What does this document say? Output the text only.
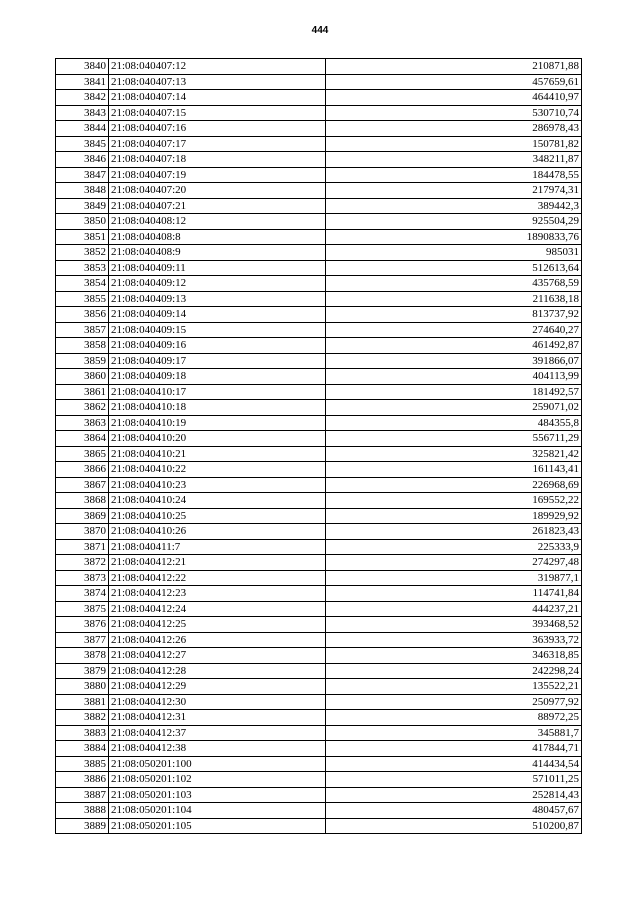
444
3840	21:08:040407:12	210871,88
3841	21:08:040407:13	457659,61
3842	21:08:040407:14	464410,97
3843	21:08:040407:15	530710,74
3844	21:08:040407:16	286978,43
3845	21:08:040407:17	150781,82
3846	21:08:040407:18	348211,87
3847	21:08:040407:19	184478,55
3848	21:08:040407:20	217974,31
3849	21:08:040407:21	389442,3
3850	21:08:040408:12	925504,29
3851	21:08:040408:8	1890833,76
3852	21:08:040408:9	985031
3853	21:08:040409:11	512613,64
3854	21:08:040409:12	435768,59
3855	21:08:040409:13	211638,18
3856	21:08:040409:14	813737,92
3857	21:08:040409:15	274640,27
3858	21:08:040409:16	461492,87
3859	21:08:040409:17	391866,07
3860	21:08:040409:18	404113,99
3861	21:08:040410:17	181492,57
3862	21:08:040410:18	259071,02
3863	21:08:040410:19	484355,8
3864	21:08:040410:20	556711,29
3865	21:08:040410:21	325821,42
3866	21:08:040410:22	161143,41
3867	21:08:040410:23	226968,69
3868	21:08:040410:24	169552,22
3869	21:08:040410:25	189929,92
3870	21:08:040410:26	261823,43
3871	21:08:040411:7	225333,9
3872	21:08:040412:21	274297,48
3873	21:08:040412:22	319877,1
3874	21:08:040412:23	114741,84
3875	21:08:040412:24	444237,21
3876	21:08:040412:25	393468,52
3877	21:08:040412:26	363933,72
3878	21:08:040412:27	346318,85
3879	21:08:040412:28	242298,24
3880	21:08:040412:29	135522,21
3881	21:08:040412:30	250977,92
3882	21:08:040412:31	88972,25
3883	21:08:040412:37	345881,7
3884	21:08:040412:38	417844,71
3885	21:08:050201:100	414434,54
3886	21:08:050201:102	571011,25
3887	21:08:050201:103	252814,43
3888	21:08:050201:104	480457,67
3889	21:08:050201:105	510200,87
